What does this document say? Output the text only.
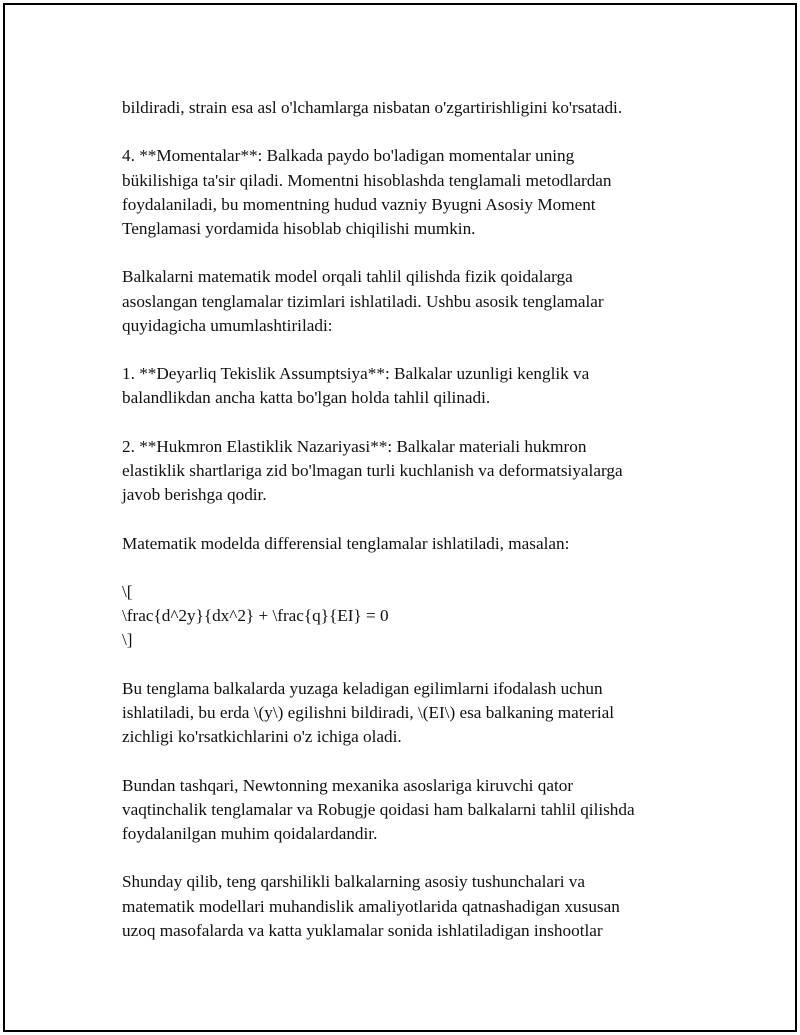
bildiradi, strain esa asl o'lchamlarga nisbatan o'zgartirishligini ko'rsatadi.

4. **Momentalar**: Balkada paydo bo'ladigan momentalar uning
bükilishiga ta'sir qiladi. Momentni hisoblashda tenglamali metodlardan
foydalaniladi, bu momentning hudud vazniy Byugni Asosiy Moment
Tenglamasi yordamida hisoblab chiqilishi mumkin.

Balkalarni matematik model orqali tahlil qilishda fizik qoidalarga
asoslangan tenglamalar tizimlari ishlatiladi. Ushbu asosik tenglamalar
quyidagicha umumlashtiriladi:

1. **Deyarliq Tekislik Assumptsiya**: Balkalar uzunligi kenglik va
balandlikdan ancha katta bo'lgan holda tahlil qilinadi.

2. **Hukmron Elastiklik Nazariyasi**: Balkalar materiali hukmron
elastiklik shartlariga zid bo'lmagan turli kuchlanish va deformatsiyalarga
javob berishga qodir.

Matematik modelda differensial tenglamalar ishlatiladi, masalan:

\[
\frac{d^2y}{dx^2} + \frac{q}{EI} = 0
\]

Bu tenglama balkalarda yuzaga keladigan egilimlarni ifodalash uchun
ishlatiladi, bu erda \(y\) egilishni bildiradi, \(EI\) esa balkaning material
zichligi ko'rsatkichlarini o'z ichiga oladi.

Bundan tashqari, Newtonning mexanika asoslariga kiruvchi qator
vaqtinchalik tenglamalar va Robugje qoidasi ham balkalarni tahlil qilishda
foydalanilgan muhim qoidalardandir.

Shunday qilib, teng qarshilikli balkalarning asosiy tushunchalari va
matematik modellari muhandislik amaliyotlarida qatnashadigan xususan
uzoq masofalarda va katta yuklamalar sonida ishlatiladigan inshootlar
